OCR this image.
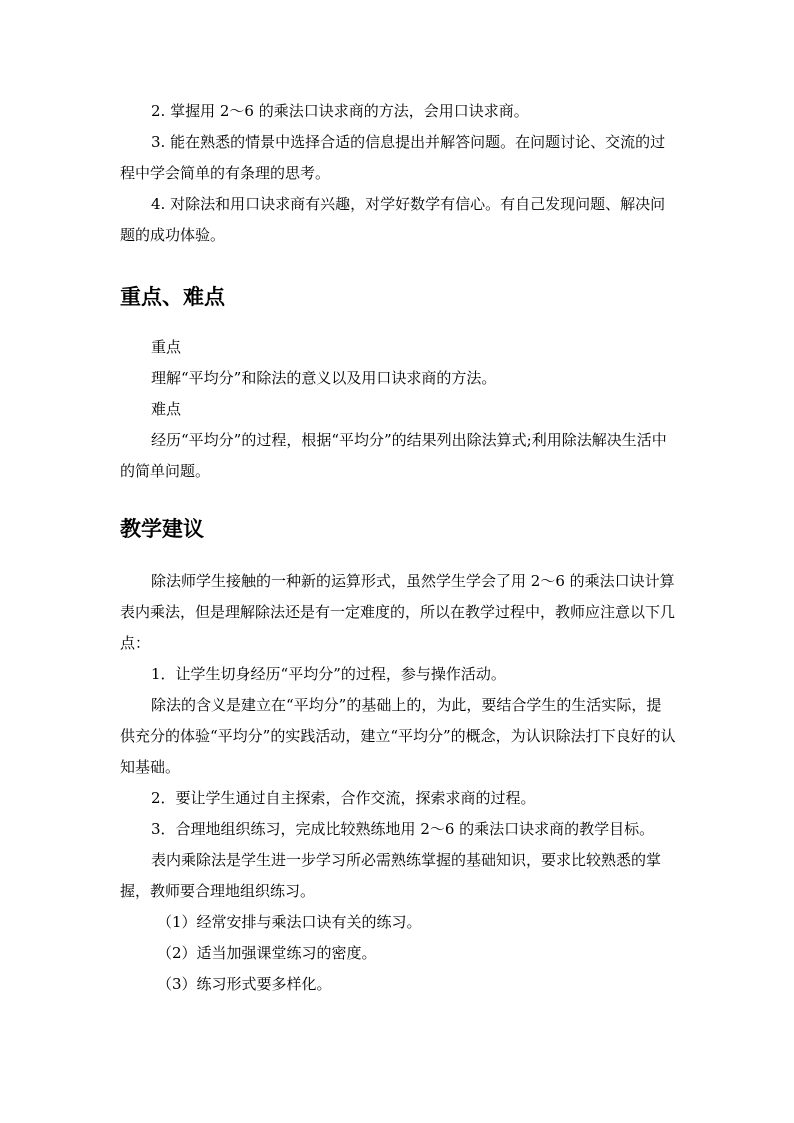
2. 掌握用 2～6 的乘法口诀求商的方法，会用口诀求商。

3. 能在熟悉的情景中选择合适的信息提出并解答问题。在问题讨论、交流的过程中学会简单的有条理的思考。

4. 对除法和用口诀求商有兴趣，对学好数学有信心。有自己发现问题、解决问题的成功体验。

重点、难点

重点

理解“平均分”和除法的意义以及用口诀求商的方法。

难点

经历“平均分”的过程，根据“平均分”的结果列出除法算式;利用除法解决生活中的简单问题。

教学建议

除法师学生接触的一种新的运算形式，虽然学生学会了用 2～6 的乘法口诀计算表内乘法，但是理解除法还是有一定难度的，所以在教学过程中，教师应注意以下几点：

1．让学生切身经历“平均分”的过程，参与操作活动。

除法的含义是建立在“平均分”的基础上的，为此，要结合学生的生活实际，提供充分的体验“平均分”的实践活动，建立“平均分”的概念，为认识除法打下良好的认知基础。

2．要让学生通过自主探索，合作交流，探索求商的过程。

3．合理地组织练习，完成比较熟练地用 2～6 的乘法口诀求商的教学目标。

表内乘除法是学生进一步学习所必需熟练掌握的基础知识，要求比较熟悉的掌握，教师要合理地组织练习。

（1）经常安排与乘法口诀有关的练习。

（2）适当加强课堂练习的密度。

（3）练习形式要多样化。
